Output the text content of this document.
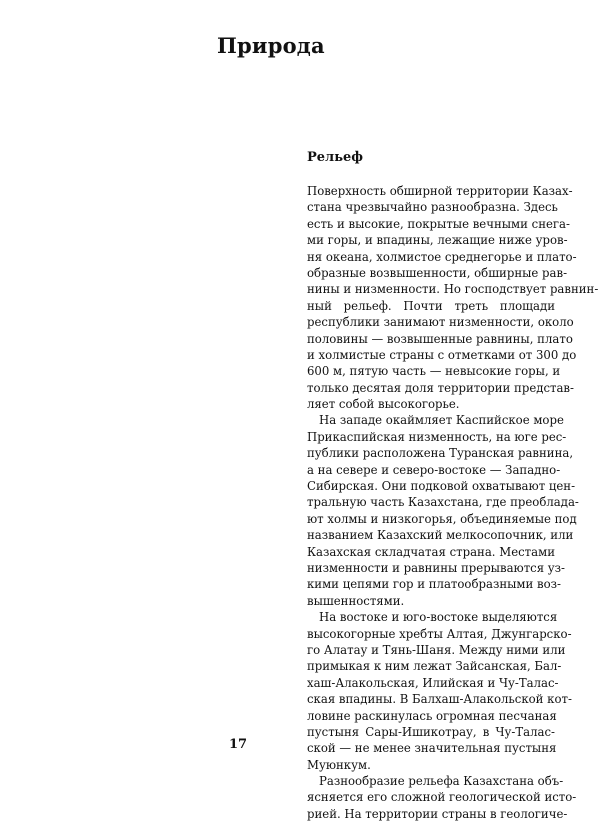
Природа
Рельеф
Поверхность обширной территории Казах-
стана чрезвычайно разнообразна. Здесь
есть и высокие, покрытые вечными снега-
ми горы, и впадины, лежащие ниже уров-
ня океана, холмистое среднегорье и плато-
образные возвышенности, обширные рав-
нины и низменности. Но господствует равнин-
ный рельеф. Почти треть площади
республики занимают низменности, около
половины — возвышенные равнины, плато
и холмистые страны с отметками от 300 до
600 м, пятую часть — невысокие горы, и
только десятая доля территории представ-
ляет собой высокогорье.
На западе окаймляет Каспийское море
Прикаспийская низменность, на юге рес-
публики расположена Туранская равнина,
а на севере и северо-востоке — Западно-
Сибирская. Они подковой охватывают цен-
тральную часть Казахстана, где преоблада-
ют холмы и низкогорья, объединяемые под
названием Казахский мелкосопочник, или
Казахская складчатая страна. Местами
низменности и равнины прерываются уз-
кими цепями гор и платообразными воз-
вышенностями.
На востоке и юго-востоке выделяются
высокогорные хребты Алтая, Джунгарско-
го Алатау и Тянь-Шаня. Между ними или
примыкая к ним лежат Зайсанская, Бал-
хаш-Алакольская, Илийская и Чу-Талас-
ская впадины. В Балхаш-Алакольской кот-
ловине раскинулась огромная песчаная
пустыня Сары-Ишикотрау, в Чу-Талас-
ской — не менее значительная пустыня
Муюнкум.
Разнообразие рельефа Казахстана объ-
ясняется его сложной геологической исто-
рией. На территории страны в геологиче-
17
